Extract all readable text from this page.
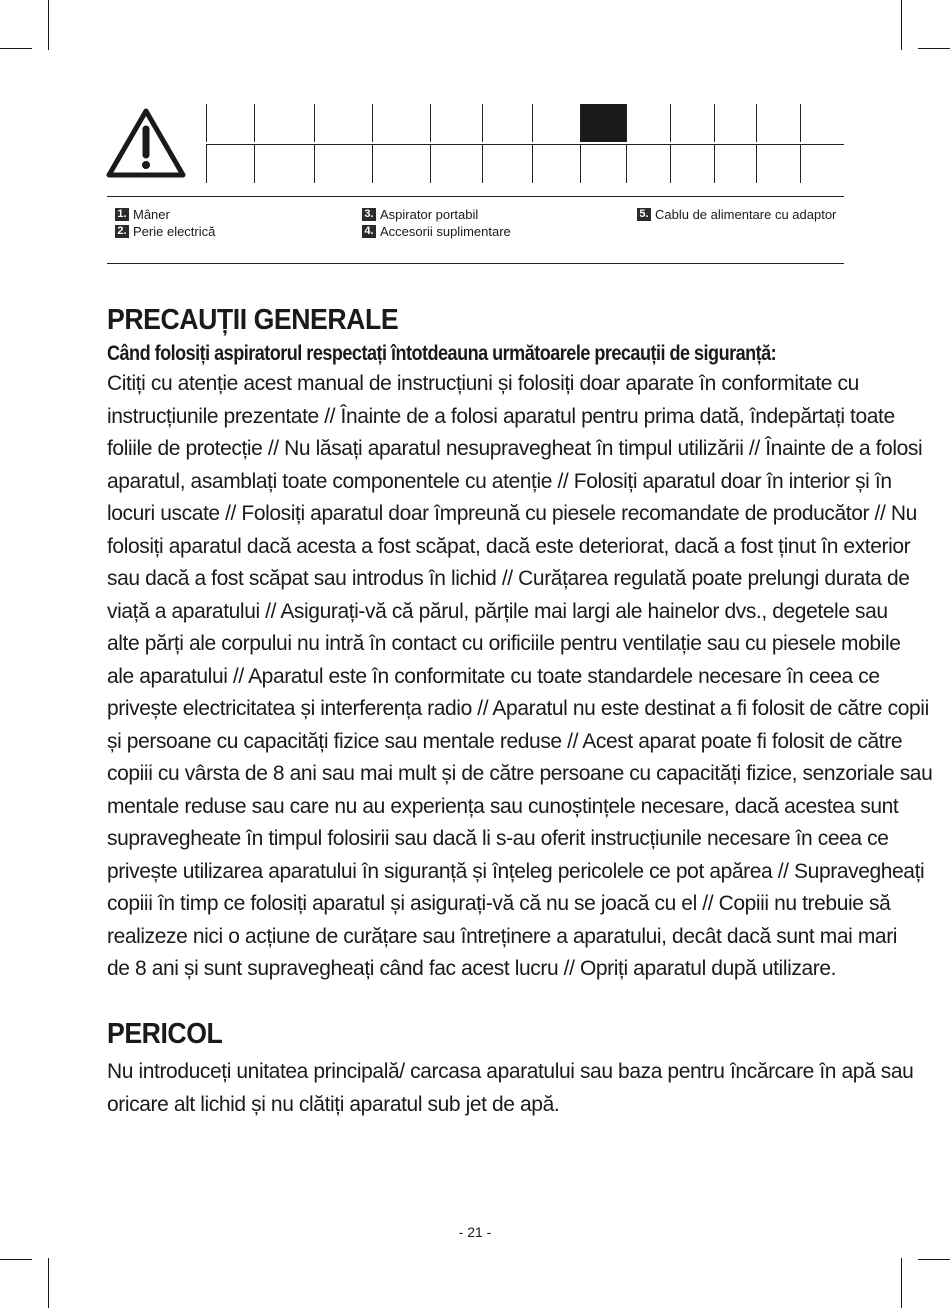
1. Mâner
2. Perie electrică
3. Aspirator portabil
4. Accesorii suplimentare
5. Cablu de alimentare cu adaptor
PRECAUȚII GENERALE
Când folosiți aspiratorul respectați întotdeauna următoarele precauții de siguranță:
Citiți cu atenție acest manual de instrucțiuni și folosiți doar aparate în conformitate cu
instrucțiunile prezentate // Înainte de a folosi aparatul pentru prima dată, îndepărtați toate
foliile de protecție // Nu lăsați aparatul nesupravegheat în timpul utilizării // Înainte de a folosi
aparatul, asamblați toate componentele cu atenție // Folosiți aparatul doar în interior și în
locuri uscate // Folosiți aparatul doar împreună cu piesele recomandate de producător // Nu
folosiți aparatul dacă acesta a fost scăpat, dacă este deteriorat, dacă a fost ținut în exterior
sau dacă a fost scăpat sau introdus în lichid // Curățarea regulată poate prelungi durata de
viață a aparatului // Asigurați-vă că părul, părțile mai largi ale hainelor dvs., degetele sau
alte părți ale corpului nu intră în contact cu orificiile pentru ventilație sau cu piesele mobile
ale aparatului // Aparatul este în conformitate cu toate standardele necesare în ceea ce
privește electricitatea și interferența radio // Aparatul nu este destinat a fi folosit de către copii
și persoane cu capacități fizice sau mentale reduse // Acest aparat poate fi folosit de către
copiii cu vârsta de 8 ani sau mai mult și de către persoane cu capacități fizice, senzoriale sau
mentale reduse sau care nu au experiența sau cunoștințele necesare, dacă acestea sunt
supravegheate în timpul folosirii sau dacă li s-au oferit instrucțiunile necesare în ceea ce
privește utilizarea aparatului în siguranță și înțeleg pericolele ce pot apărea // Supravegheați
copiii în timp ce folosiți aparatul și asigurați-vă că nu se joacă cu el // Copiii nu trebuie să
realizeze nici o acțiune de curățare sau întreținere a aparatului, decât dacă sunt mai mari
de 8 ani și sunt supravegheați când fac acest lucru // Opriți aparatul după utilizare.
PERICOL
Nu introduceți unitatea principală/ carcasa aparatului sau baza pentru încărcare în apă sau
oricare alt lichid și nu clătiți aparatul sub jet de apă.
- 21 -
